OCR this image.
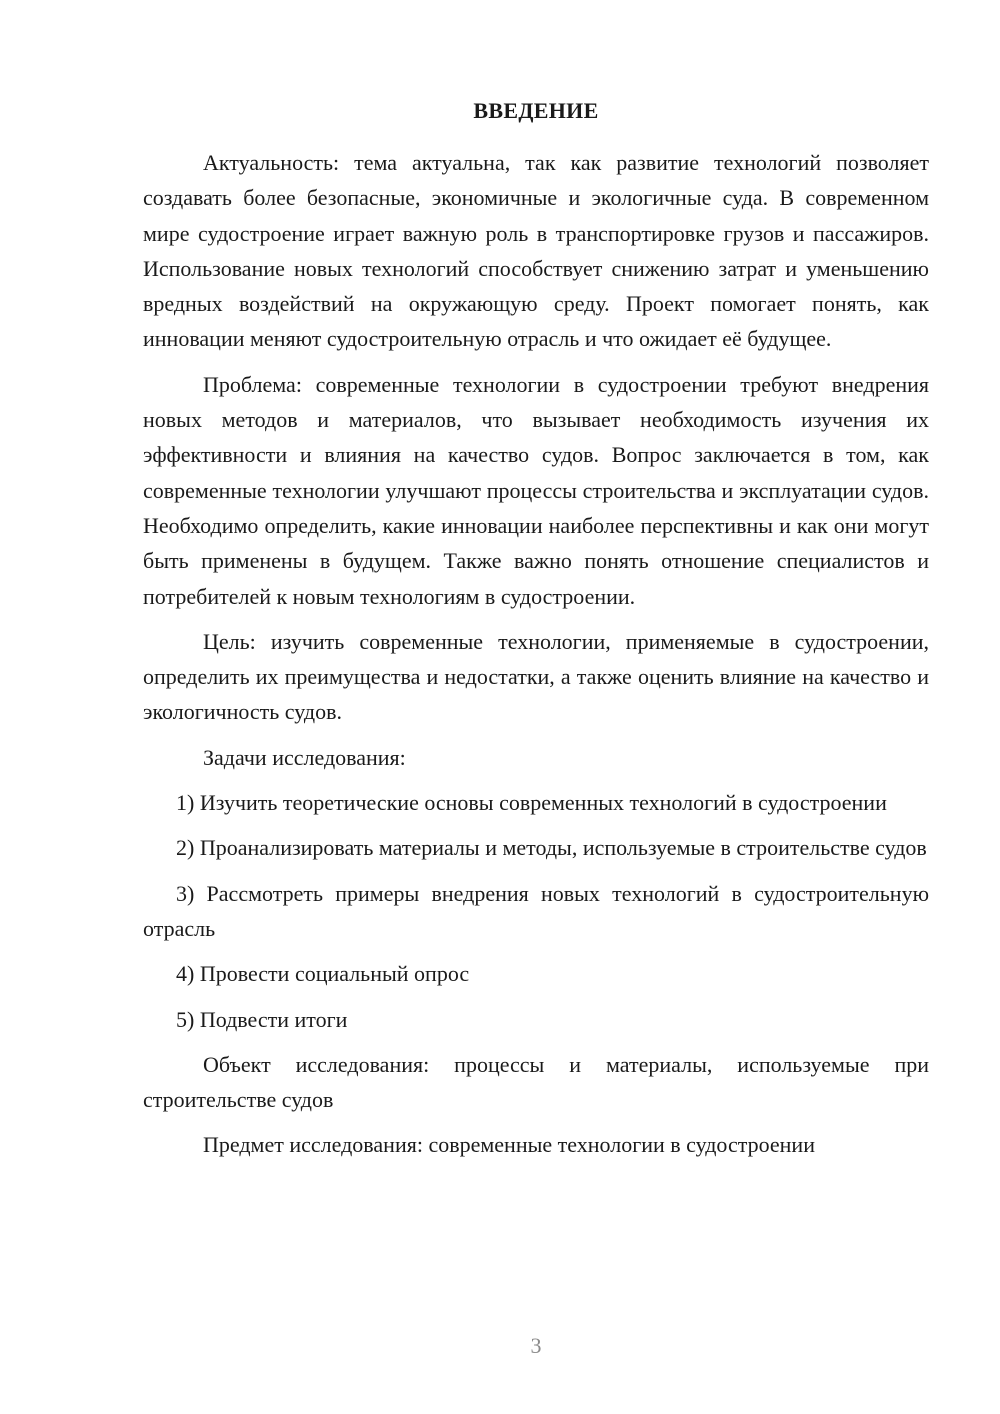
ВВЕДЕНИЕ

Актуальность: тема актуальна, так как развитие технологий позволяет создавать более безопасные, экономичные и экологичные суда. В современном мире судостроение играет важную роль в транспортировке грузов и пассажиров. Использование новых технологий способствует снижению затрат и уменьшению вредных воздействий на окружающую среду. Проект помогает понять, как инновации меняют судостроительную отрасль и что ожидает её будущее.

Проблема: современные технологии в судостроении требуют внедрения новых методов и материалов, что вызывает необходимость изучения их эффективности и влияния на качество судов. Вопрос заключается в том, как современные технологии улучшают процессы строительства и эксплуатации судов. Необходимо определить, какие инновации наиболее перспективны и как они могут быть применены в будущем. Также важно понять отношение специалистов и потребителей к новым технологиям в судостроении.

Цель: изучить современные технологии, применяемые в судостроении, определить их преимущества и недостатки, а также оценить влияние на качество и экологичность судов.

Задачи исследования:

1) Изучить теоретические основы современных технологий в судостроении

2) Проанализировать материалы и методы, используемые в строительстве судов

3) Рассмотреть примеры внедрения новых технологий в судостроительную отрасль

4) Провести социальный опрос

5) Подвести итоги

Объект исследования: процессы и материалы, используемые при строительстве судов

Предмет исследования: современные технологии в судостроении

3
